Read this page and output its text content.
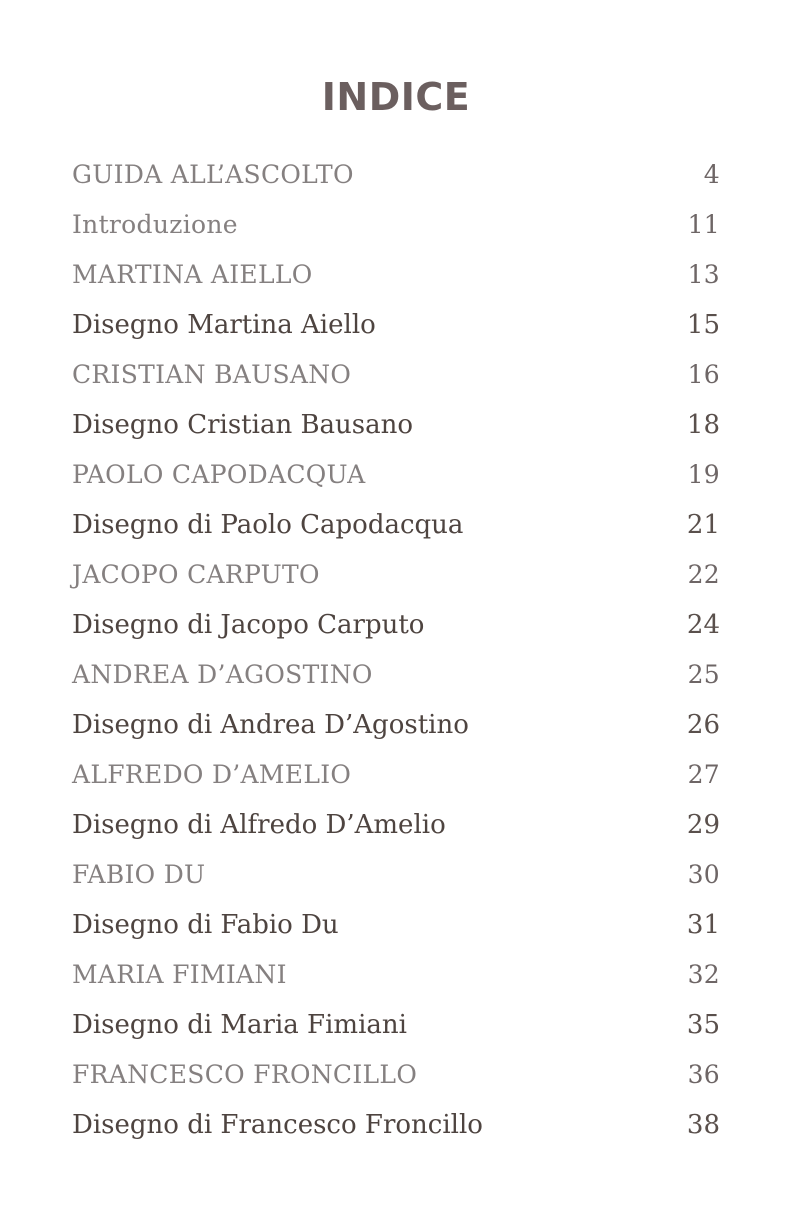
INDICE
GUIDA ALL’ASCOLTO	4
Introduzione	11
MARTINA AIELLO	13
Disegno Martina Aiello	15
CRISTIAN BAUSANO	16
Disegno Cristian Bausano	18
PAOLO CAPODACQUA	19
Disegno di Paolo Capodacqua	21
JACOPO CARPUTO	22
Disegno di Jacopo Carputo	24
ANDREA D’AGOSTINO	25
Disegno di Andrea D’Agostino	26
ALFREDO D’AMELIO	27
Disegno di Alfredo D’Amelio	29
FABIO DU	30
Disegno di Fabio Du	31
MARIA FIMIANI	32
Disegno di Maria Fimiani	35
FRANCESCO FRONCILLO	36
Disegno di Francesco Froncillo	38
